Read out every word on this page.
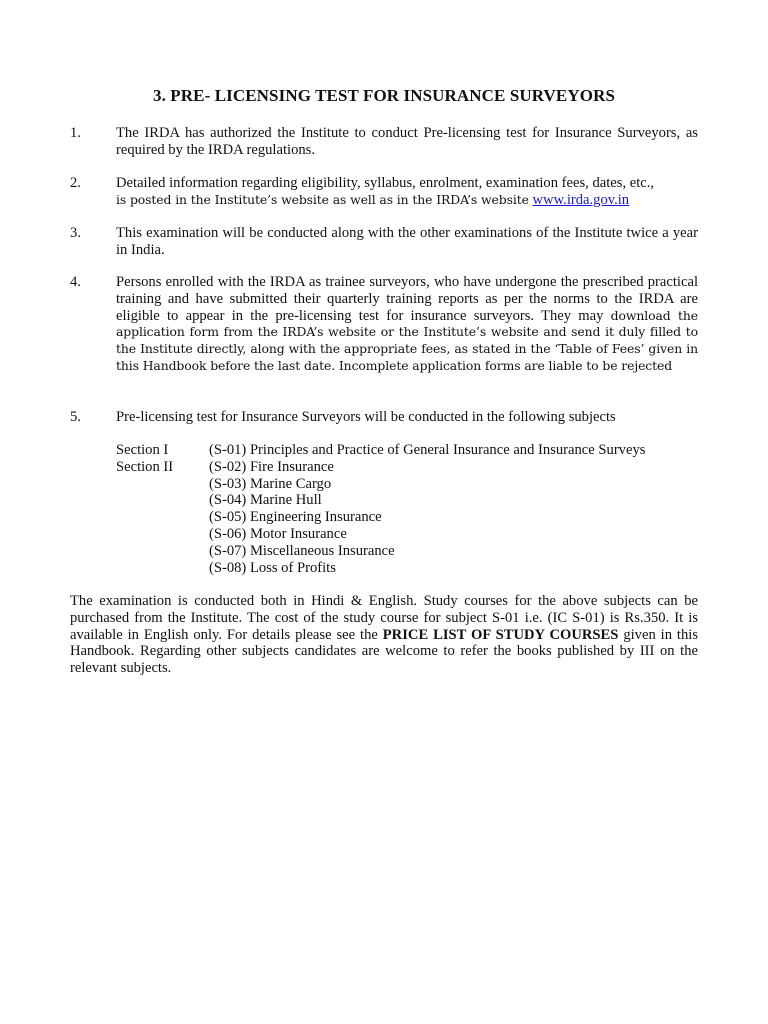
3. PRE- LICENSING TEST FOR INSURANCE SURVEYORS
1.	The IRDA has authorized the Institute to conduct Pre-licensing test for Insurance Surveyors, as required by the IRDA regulations.
2.	Detailed information regarding eligibility, syllabus, enrolment, examination fees, dates, etc.,
is posted in the Institute’s website as well as in the IRDA’s website www.irda.gov.in
3.	This examination will be conducted along with the other examinations of the Institute twice a year in India.
4.	Persons enrolled with the IRDA as trainee surveyors, who have undergone the prescribed practical training and have submitted their quarterly training reports as per the norms to the IRDA are eligible to appear in the pre-licensing test for insurance surveyors. They may download the application form from the IRDA’s website or the Institute’s website and send it duly filled to the Institute directly, along with the appropriate fees, as stated in the ‘Table of Fees’ given in this Handbook before the last date. Incomplete application forms are liable to be rejected
5.	Pre-licensing test for Insurance Surveyors will be conducted in the following subjects
Section I	(S-01) Principles and Practice of General Insurance and Insurance Surveys
Section II	(S-02) Fire Insurance
(S-03) Marine Cargo
(S-04) Marine Hull
(S-05) Engineering Insurance
(S-06) Motor Insurance
(S-07) Miscellaneous Insurance
(S-08) Loss of Profits
The examination is conducted both in Hindi & English. Study courses for the above subjects can be purchased from the Institute. The cost of the study course for subject S-01 i.e. (IC S-01) is Rs.350. It is available in English only. For details please see the PRICE LIST OF STUDY COURSES given in this Handbook. Regarding other subjects candidates are welcome to refer the books published by III on the relevant subjects.
